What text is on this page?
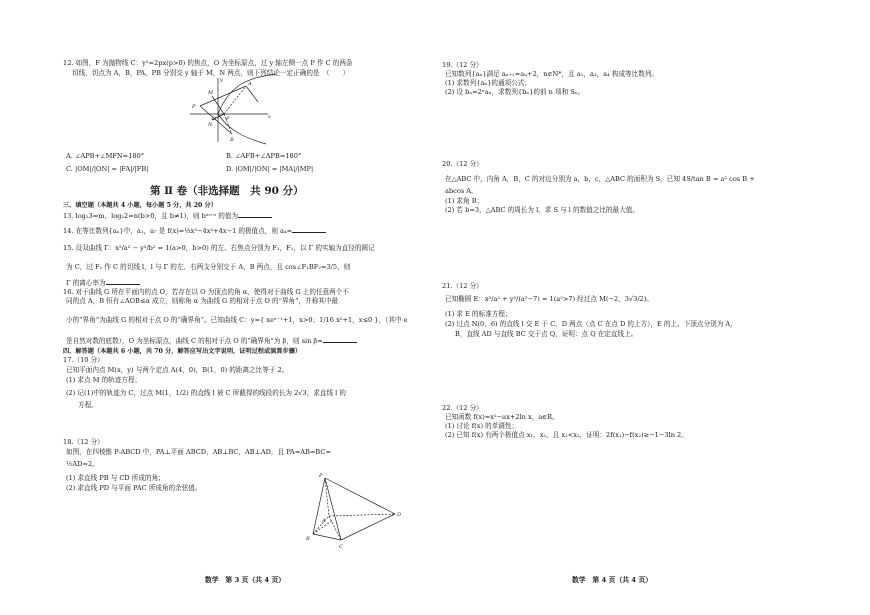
12. 如图，F 为抛物线 C：y²=2px(p>0) 的焦点，O 为坐标原点，过 y 轴左侧一点 P 作 C 的两条
切线，切点为 A，B，PA，PB 分别交 y 轴于 M，N 两点，则下列结论一定正确的是　（　　）
P
M
N
O F
A
B
x
y
A. ∠APB+∠MFN=180°	B. ∠AFB+∠APB=180°
C. |OM|/|ON| = |FA|/|FB|	D. |OM|/|ON| = |MA|/|MP|
第 Ⅱ 卷（非选择题　共 90 分）
三、填空题（本题共 4 小题，每小题 5 分，共 20 分）
13. log₃3=m，log₂2=n(b>0，且 b≠1)，则 bᵐ⁺ⁿ 的值为
14. 在等比数列{aₙ}中，a₁，a₇ 是 f(x)=⅓x³−4x²+4x−1 的极值点，则 a₄=
15. 设双曲线 Γ：x²/a² − y²/b² = 1(a>0，b>0) 的左、右焦点分别为 F₁，F₂，以 Γ 的实轴为直径的圆记
为 C，过 F₁ 作 C 的切线 l，l 与 Γ 的左、右两支分别交于 A，B 两点，且 cos∠F₁BF₂=3/5，则
Γ 的离心率为
16. 对于曲线 G 所在平面内的点 O，若存在以 O 为顶点的角 α，使得对于曲线 G 上的任意两个不
同的点 A，B 恒有∠AOB≤α 成立，则称角 α 为曲线 G 的相对于点 O 的“界角”，并称其中最
小的“界角”为曲线 G 的相对于点 O 的“确界角”。已知曲线 C：y={ xeˣ⁻¹+1，x>0；1/16 x²+1，x≤0 }，（其中 e
是自然对数的底数），O 为坐标原点，曲线 C 的相对于点 O 的“确界角”为 β，则 sin β=
四、解答题（本题共 6 小题，共 70 分，解答应写出文字说明，证明过程或演算步骤）
17.（10 分）
已知平面内点 M(x，y) 与两个定点 A(4，0)，B(1，0) 的距离之比等于 2。
(1) 求点 M 的轨迹方程；
(2) 记(1)中的轨迹为 C，过点 M(1，1/2) 的直线 l 被 C 所截得的线段的长为 2√3，求直线 l 的
方程。
18.（12 分）
如图，在四棱锥 P-ABCD 中，PA⊥平面 ABCD，AB⊥BC，AB⊥AD，且 PA=AB=BC=
½AD=2。
(1) 求直线 PB 与 CD 所成的角；
(2) 求直线 PD 与平面 PAC 所成角的余弦值。
P
A
B
C
D
数学　第 3 页（共 4 页）
19.（12 分）
已知数列{aₙ}满足 aₙ₊₁=aₙ+2，n∈N*，且 a₁，a₃，a₄ 构成等比数列。
(1) 求数列{aₙ}的通项公式；
(2) 设 bₙ=2ⁿaₙ，求数列{bₙ}的前 n 项和 Sₙ。
20.（12 分）
在△ABC 中，内角 A，B，C 的对边分别为 a，b，c，△ABC 的面积为 S，已知 4S/tan B = a² cos B +
abcos A。
(1) 求角 B；
(2) 若 b=3，△ABC 的周长为 l，求 S 与 l 的数值之比的最大值。
21.（12 分）
已知椭圆 E：x²/a² + y²/(a²−7) = 1(a²>7) 经过点 M(−2，3√3/2)。
(1) 求 E 的标准方程；
(2) 过点 N(0，6) 的直线 l 交 E 于 C，D 两点（点 C 在点 D 的上方），E 的上、下顶点分别为 A，
B，直线 AD 与直线 BC 交于点 Q，证明：点 Q 在定直线上。
22.（12 分）
已知函数 f(x)=x²−ax+2ln x，a∈R。
(1) 讨论 f(x) 的单调性；
(2) 已知 f(x) 有两个极值点 x₁，x₂，且 x₁<x₂，证明：2f(x₁)−f(x₂)≥−1−3ln 2。
数学　第 4 页（共 4 页）
